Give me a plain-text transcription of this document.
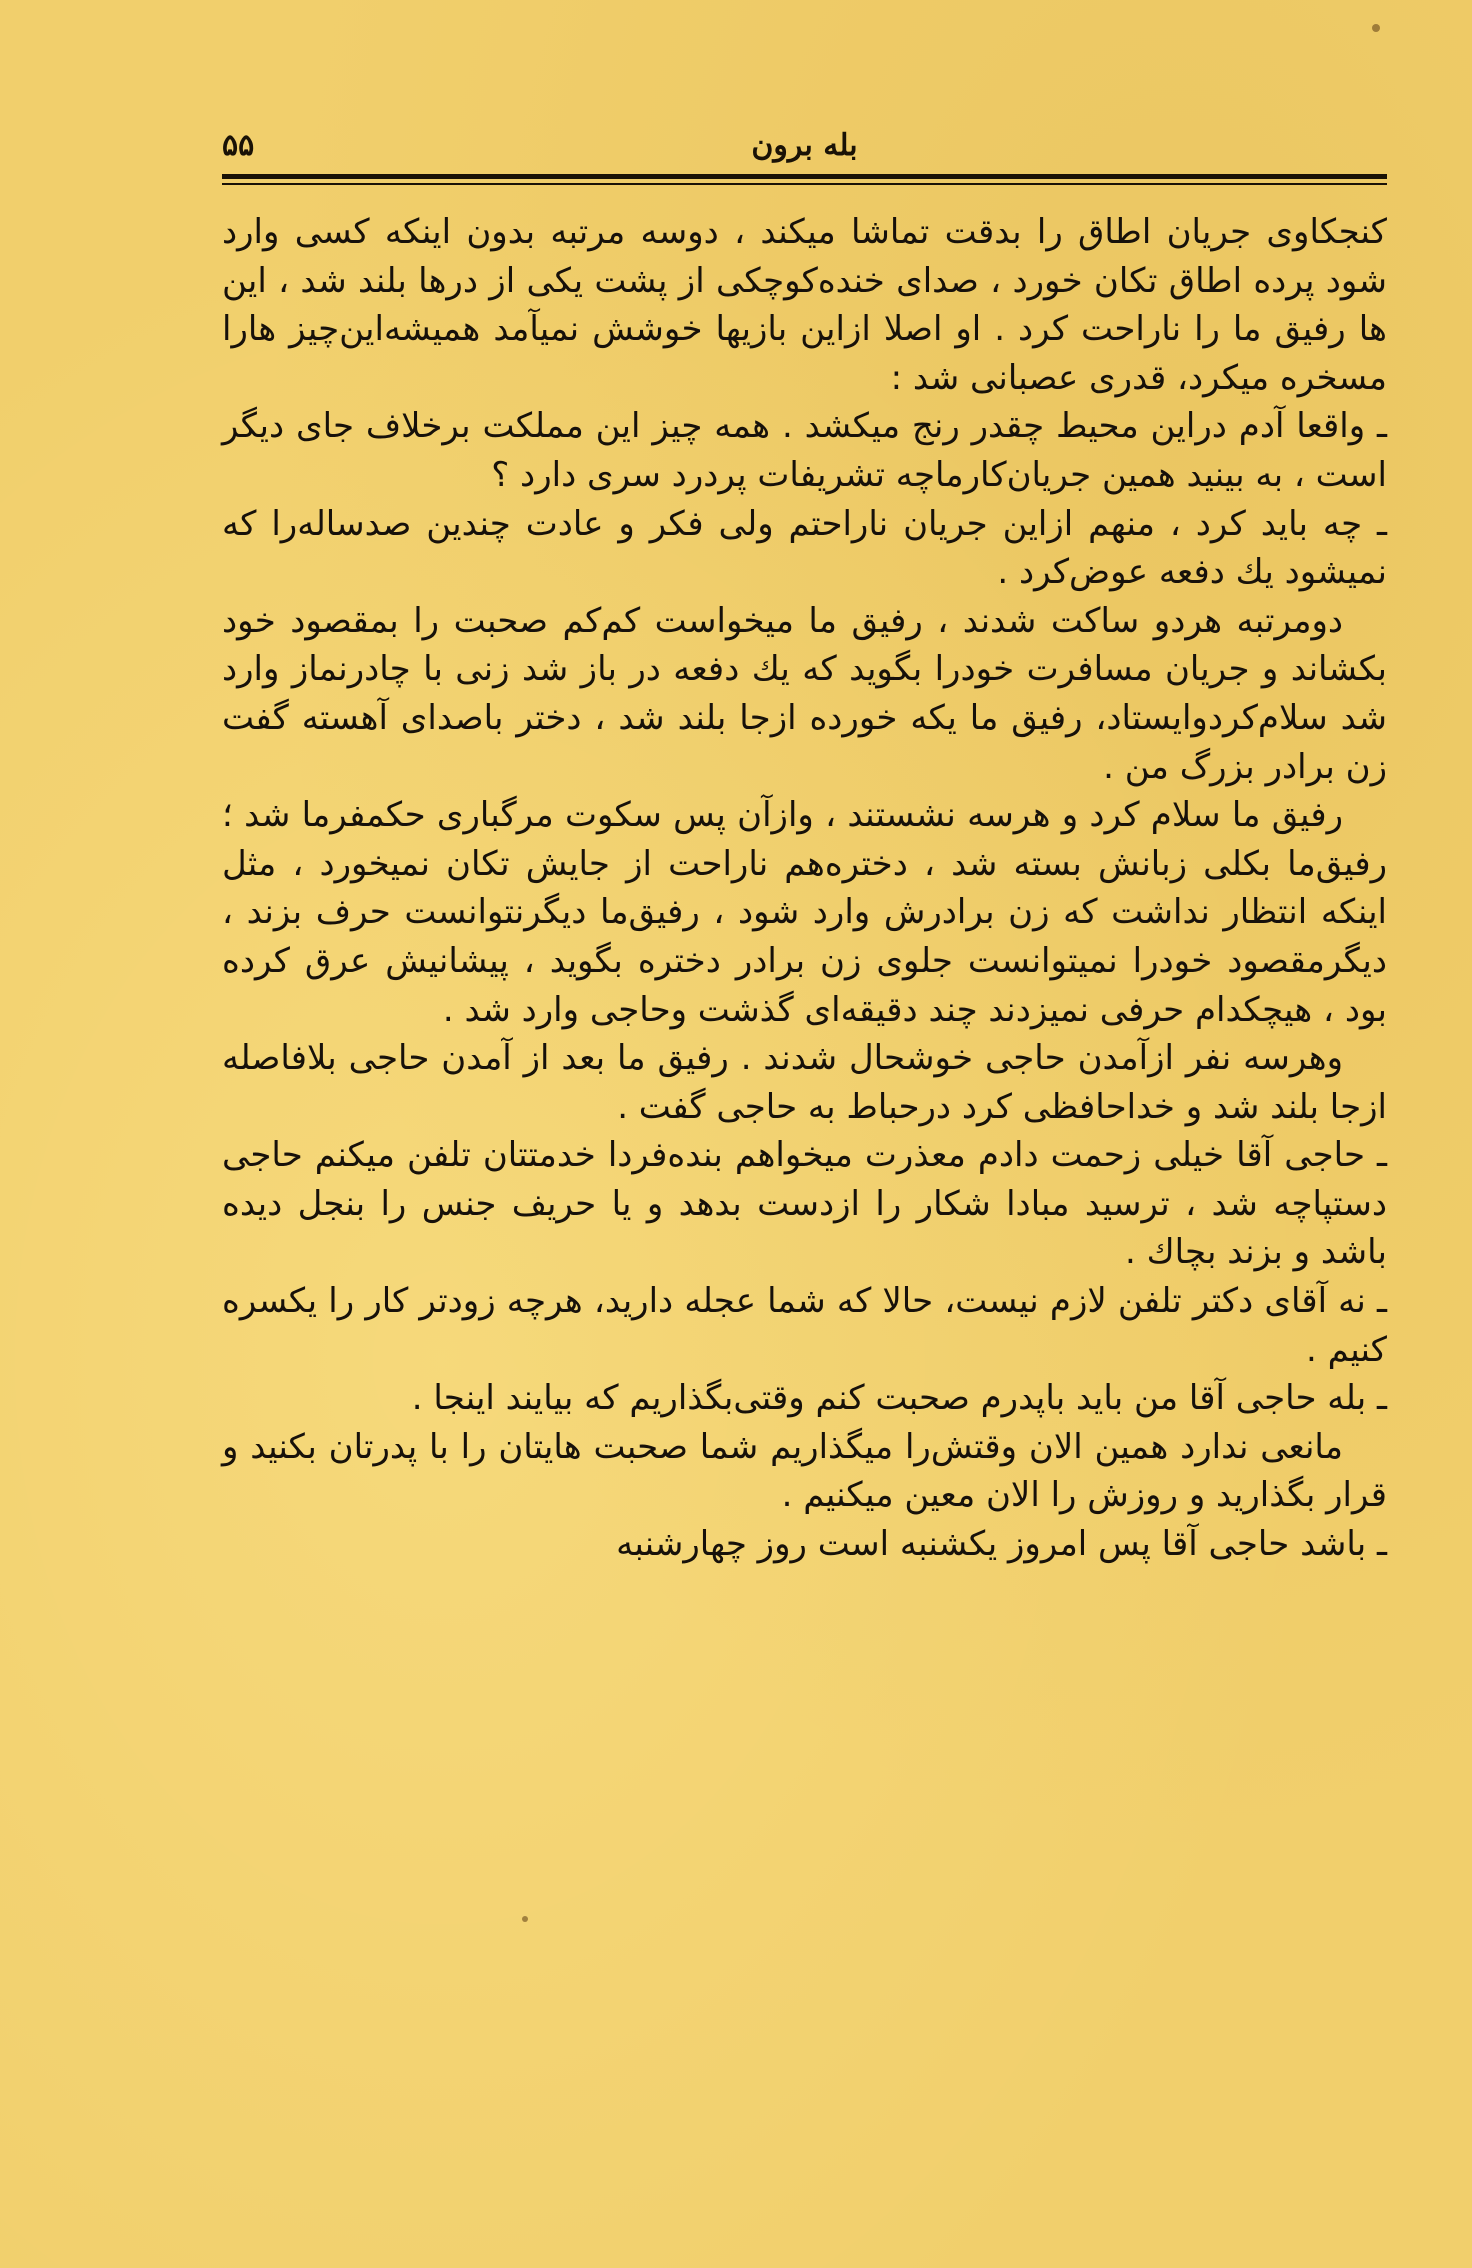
بله برون
۵۵

کنجکاوی جریان اطاق را بدقت تماشا میکند ، دوسه مرتبه بدون اینکه کسی وارد شود پرده اطاق تکان خورد ، صدای خنده‌کوچکی از پشت یکی از درها بلند شد ، این ها رفیق ما را ناراحت کرد . او اصلا ازاین بازیها خوشش نمیآمد همیشه‌این‌چیز هارا مسخره میکرد، قدری عصبانی شد :

ـ واقعا آدم دراین محیط چقدر رنج میکشد . همه چیز این مملکت برخلاف جای دیگر است ، به بینید همین جریان‌کارماچه تشریفات پردرد سری دارد ؟

ـ چه باید کرد ، منهم ازاین جریان ناراحتم ولی فکر و عادت چندین صدساله‌را که نمیشود یك دفعه عوض‌کرد .

دومرتبه هردو ساکت شدند ، رفیق ما میخواست کم‌کم صحبت را بمقصود خود بکشاند و جریان مسافرت خودرا بگوید که یك دفعه در باز شد زنی با چادرنماز وارد شد سلام‌کردوایستاد، رفیق ما یکه خورده ازجا بلند شد ، دختر باصدای آهسته گفت زن برادر بزرگ من .

رفیق ما سلام کرد و هرسه نشستند ، وازآن پس سکوت مرگباری حکمفرما شد ؛ رفیق‌ما بکلی زبانش بسته شد ، دختره‌هم ناراحت از جایش تکان نمیخورد ، مثل اینکه انتظار نداشت که زن برادرش وارد شود ، رفیق‌ما دیگرنتوانست حرف بزند ، دیگرمقصود خودرا نمیتوانست جلوی زن برادر دختره بگوید ، پیشانیش عرق کرده بود ، هیچکدام حرفی نمیزدند چند دقیقه‌ای گذشت وحاجی وارد شد .

وهرسه نفر ازآمدن حاجی خوشحال شدند . رفیق ما بعد از آمدن حاجی بلافاصله ازجا بلند شد و خداحافظی کرد درحباط به حاجی گفت .

ـ حاجی آقا خیلی زحمت دادم معذرت میخواهم بنده‌فردا خدمتتان تلفن میکنم حاجی دستپاچه شد ، ترسید مبادا شکار را ازدست بدهد و یا حریف جنس را بنجل دیده باشد و بزند بچاك .

ـ نه آقای دکتر تلفن لازم نیست، حالا که شما عجله دارید، هرچه زودتر کار را یکسره کنیم .

ـ بله حاجی آقا من باید باپدرم صحبت کنم وقتی‌بگذاریم که بیایند اینجا .

مانعی ندارد همین الان وقتش‌را میگذاریم شما صحبت هایتان را با پدرتان بکنید و قرار بگذارید و روزش را الان معین میکنیم .

ـ باشد حاجی آقا پس امروز یکشنبه است روز چهارشنبه
